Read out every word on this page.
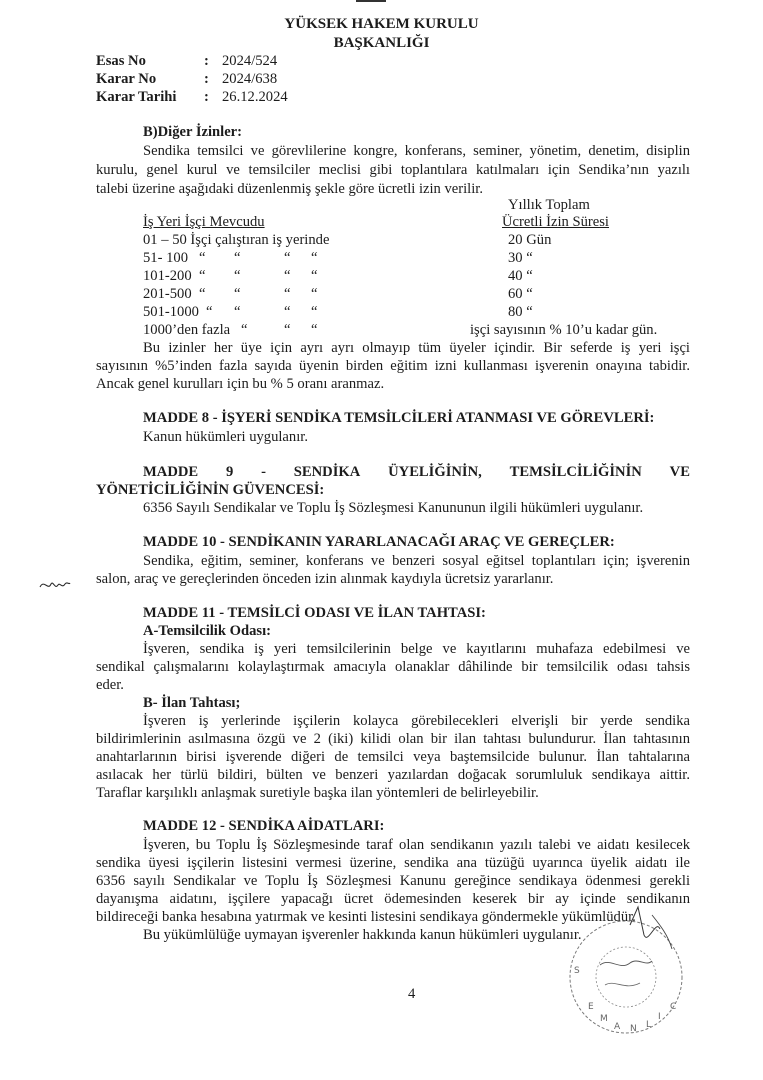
YÜKSEK HAKEM KURULU
BAŞKANLIĞI
Esas No	: 2024/524
Karar No	: 2024/638
Karar Tarihi : 26.12.2024
B)Diğer İzinler:
Sendika temsilci ve görevlilerine kongre, konferans, seminer, yönetim, denetim, disiplin
kurulu, genel kurul ve temsilciler meclisi gibi toplantılara katılmaları için Sendika’nın yazılı
talebi üzerine aşağıdaki düzenlenmiş şekle göre ücretli izin verilir.
Yıllık Toplam
İş Yeri İşçi Mevcudu	Ücretli İzin Süresi
01 – 50 İşçi çalıştıran iş yerinde	20 Gün
51- 100 “ “	“ “	30 “
101-200 “ “	“ “	40 “
201-500 “ “	“ “	60 “
501-1000 “ “	“ “	80 “
1000’den fazla “	“ “	işçi sayısının % 10’u kadar gün.
Bu izinler her üye için ayrı ayrı olmayıp tüm üyeler içindir. Bir seferde iş yeri işçi
sayısının %5’inden fazla sayıda üyenin birden eğitim izni kullanması işverenin onayına tabidir.
Ancak genel kurulları için bu % 5 oranı aranmaz.
MADDE 8 - İŞYERİ SENDİKA TEMSİLCİLERİ ATANMASI VE GÖREVLERİ:
Kanun hükümleri uygulanır.
MADDE 9 - SENDİKA ÜYELİĞİNİN, TEMSİLCİLİĞİNİN VE
YÖNETİCİLİĞİNİN GÜVENCESİ:
6356 Sayılı Sendikalar ve Toplu İş Sözleşmesi Kanununun ilgili hükümleri uygulanır.
MADDE 10 - SENDİKANIN YARARLANACAĞI ARAÇ VE GEREÇLER:
Sendika, eğitim, seminer, konferans ve benzeri sosyal eğitsel toplantıları için; işverenin
salon, araç ve gereçlerinden önceden izin alınmak kaydıyla ücretsiz yararlanır.
MADDE 11 - TEMSİLCİ ODASI VE İLAN TAHTASI:
A-Temsilcilik Odası:
İşveren, sendika iş yeri temsilcilerinin belge ve kayıtlarını muhafaza edebilmesi ve
sendikal çalışmalarını kolaylaştırmak amacıyla olanaklar dâhilinde bir temsilcilik odası tahsis
eder.
B- İlan Tahtası;
İşveren iş yerlerinde işçilerin kolayca görebilecekleri elverişli bir yerde sendika
bildirimlerinin asılmasına özgü ve 2 (iki) kilidi olan bir ilan tahtası bulundurur. İlan tahtasının
anahtarlarının birisi işverende diğeri de temsilci veya baştemsilcide bulunur. İlan tahtalarına
asılacak her türlü bildiri, bülten ve benzeri yazılardan doğacak sorumluluk sendikaya aittir.
Taraflar karşılıklı anlaşmak suretiyle başka ilan yöntemleri de belirleyebilir.
MADDE 12 - SENDİKA AİDATLARI:
İşveren, bu Toplu İş Sözleşmesinde taraf olan sendikanın yazılı talebi ve aidatı kesilecek
sendika üyesi işçilerin listesini vermesi üzerine, sendika ana tüzüğü uyarınca üyelik aidatı ile
6356 sayılı Sendikalar ve Toplu İş Sözleşmesi Kanunu gereğince sendikaya ödenmesi gerekli
dayanışma aidatını, işçilere yapacağı ücret ödemesinden keserek bir ay içinde sendikanın
bildireceği banka hesabına yatırmak ve kesinti listesini sendikaya göndermekle yükümlüdür.
Bu yükümlülüğe uymayan işverenler hakkında kanun hükümleri uygulanır.
S
E
M
A N L
I
C
4
